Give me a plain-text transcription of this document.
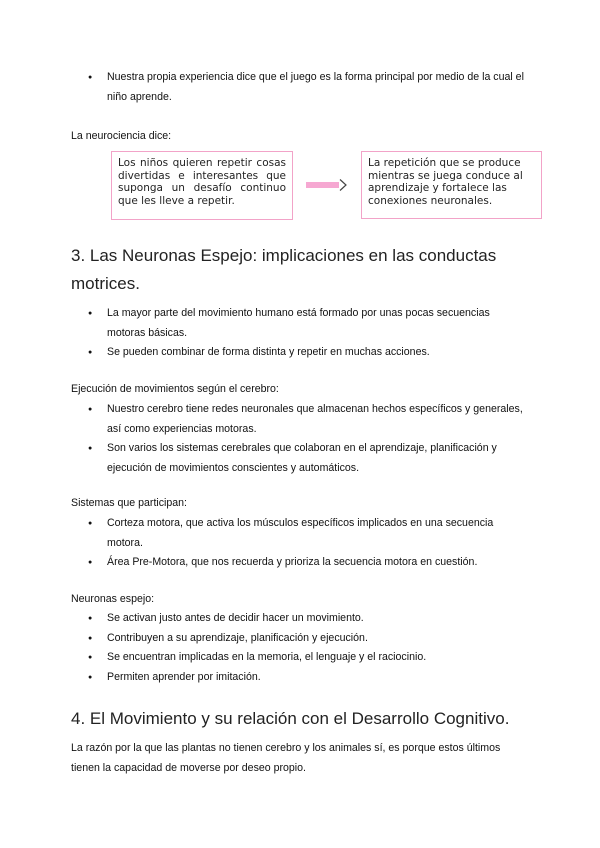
● Nuestra propia experiencia dice que el juego es la forma principal por medio de la cual el niño aprende.

La neurociencia dice:

Los niños quieren repetir cosas divertidas e interesantes que suponga un desafío continuo que les lleve a repetir.
La repetición que se produce mientras se juega conduce al aprendizaje y fortalece las conexiones neuronales.
3. Las Neuronas Espejo: implicaciones en las conductas motrices.
● La mayor parte del movimiento humano está formado por unas pocas secuencias motoras básicas.
● Se pueden combinar de forma distinta y repetir en muchas acciones.

Ejecución de movimientos según el cerebro:

● Nuestro cerebro tiene redes neuronales que almacenan hechos específicos y generales, así como experiencias motoras.
● Son varios los sistemas cerebrales que colaboran en el aprendizaje, planificación y ejecución de movimientos conscientes y automáticos.

Sistemas que participan:

● Corteza motora, que activa los músculos específicos implicados en una secuencia motora.
● Área Pre-Motora, que nos recuerda y prioriza la secuencia motora en cuestión.

Neuronas espejo:

● Se activan justo antes de decidir hacer un movimiento.
● Contribuyen a su aprendizaje, planificación y ejecución.
● Se encuentran implicadas en la memoria, el lenguaje y el raciocinio.
● Permiten aprender por imitación.
4. El Movimiento y su relación con el Desarrollo Cognitivo.

La razón por la que las plantas no tienen cerebro y los animales sí, es porque estos últimos tienen la capacidad de moverse por deseo propio.
